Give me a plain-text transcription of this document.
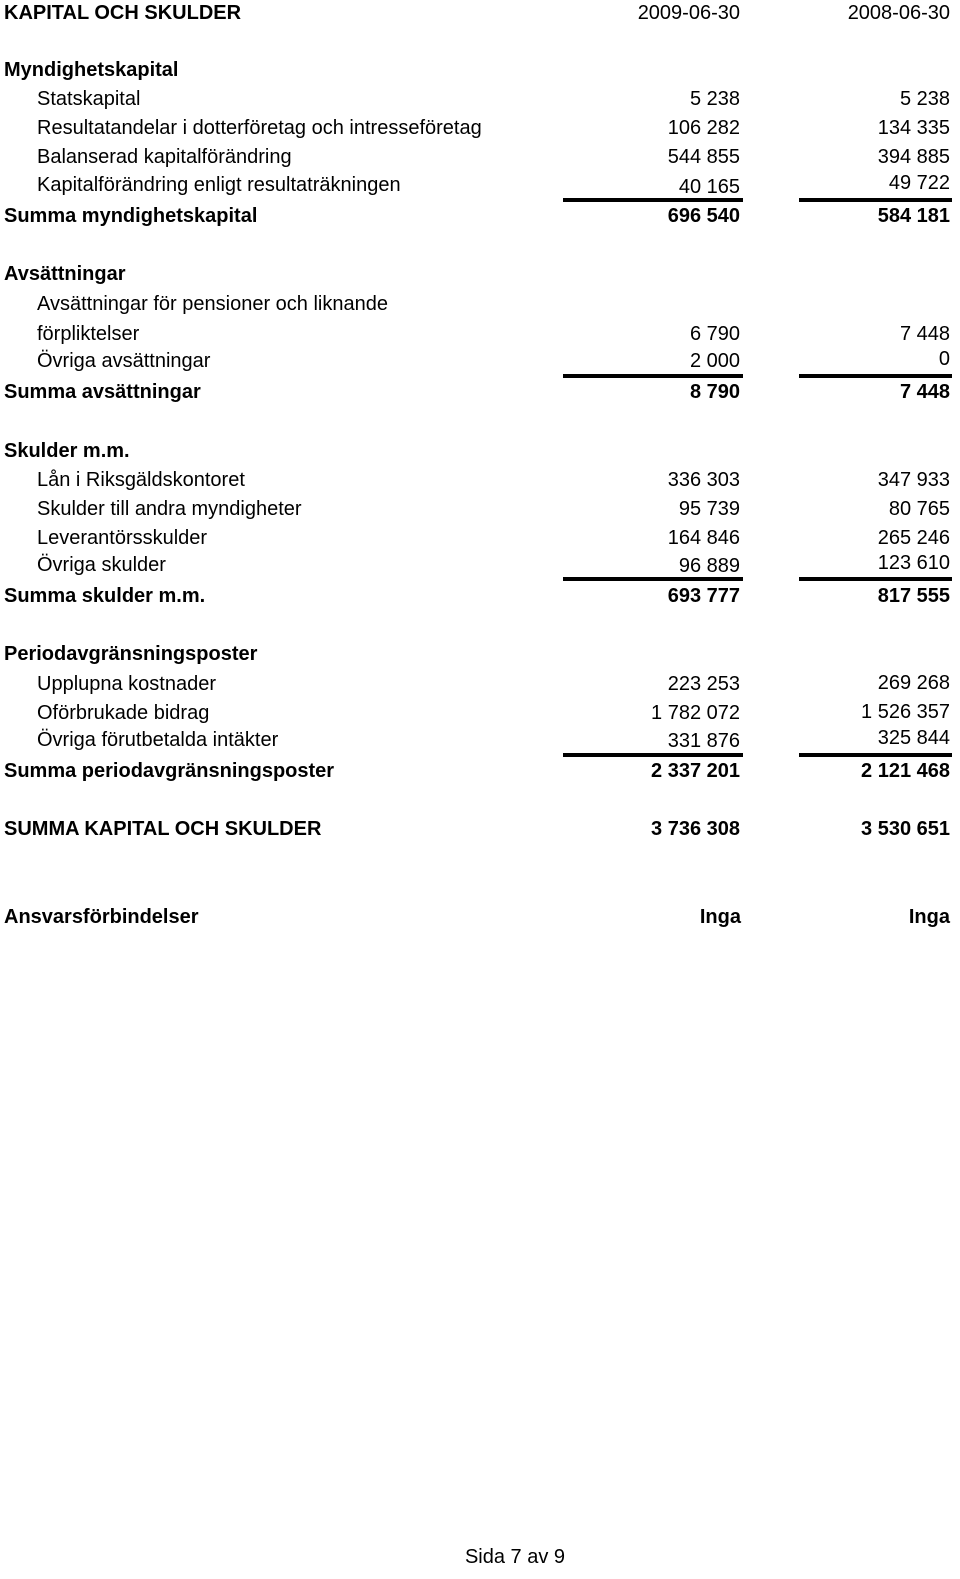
KAPITAL OCH SKULDER	2009-06-30	2008-06-30
Myndighetskapital
Statskapital	5 238	5 238
Resultatandelar i dotterföretag och intresseföretag	106 282	134 335
Balanserad kapitalförändring	544 855	394 885
Kapitalförändring enligt resultaträkningen	40 165	49 722
Summa myndighetskapital	696 540	584 181
Avsättningar
Avsättningar för pensioner och liknande
förpliktelser	6 790	7 448
Övriga avsättningar	2 000	0
Summa avsättningar	8 790	7 448
Skulder m.m.
Lån i Riksgäldskontoret	336 303	347 933
Skulder till andra myndigheter	95 739	80 765
Leverantörsskulder	164 846	265 246
Övriga skulder	96 889	123 610
Summa skulder m.m.	693 777	817 555
Periodavgränsningsposter
Upplupna kostnader	223 253	269 268
Oförbrukade bidrag	1 782 072	1 526 357
Övriga förutbetalda intäkter	331 876	325 844
Summa periodavgränsningsposter	2 337 201	2 121 468
SUMMA KAPITAL OCH SKULDER	3 736 308	3 530 651
Ansvarsförbindelser	Inga	Inga
Sida 7 av 9
